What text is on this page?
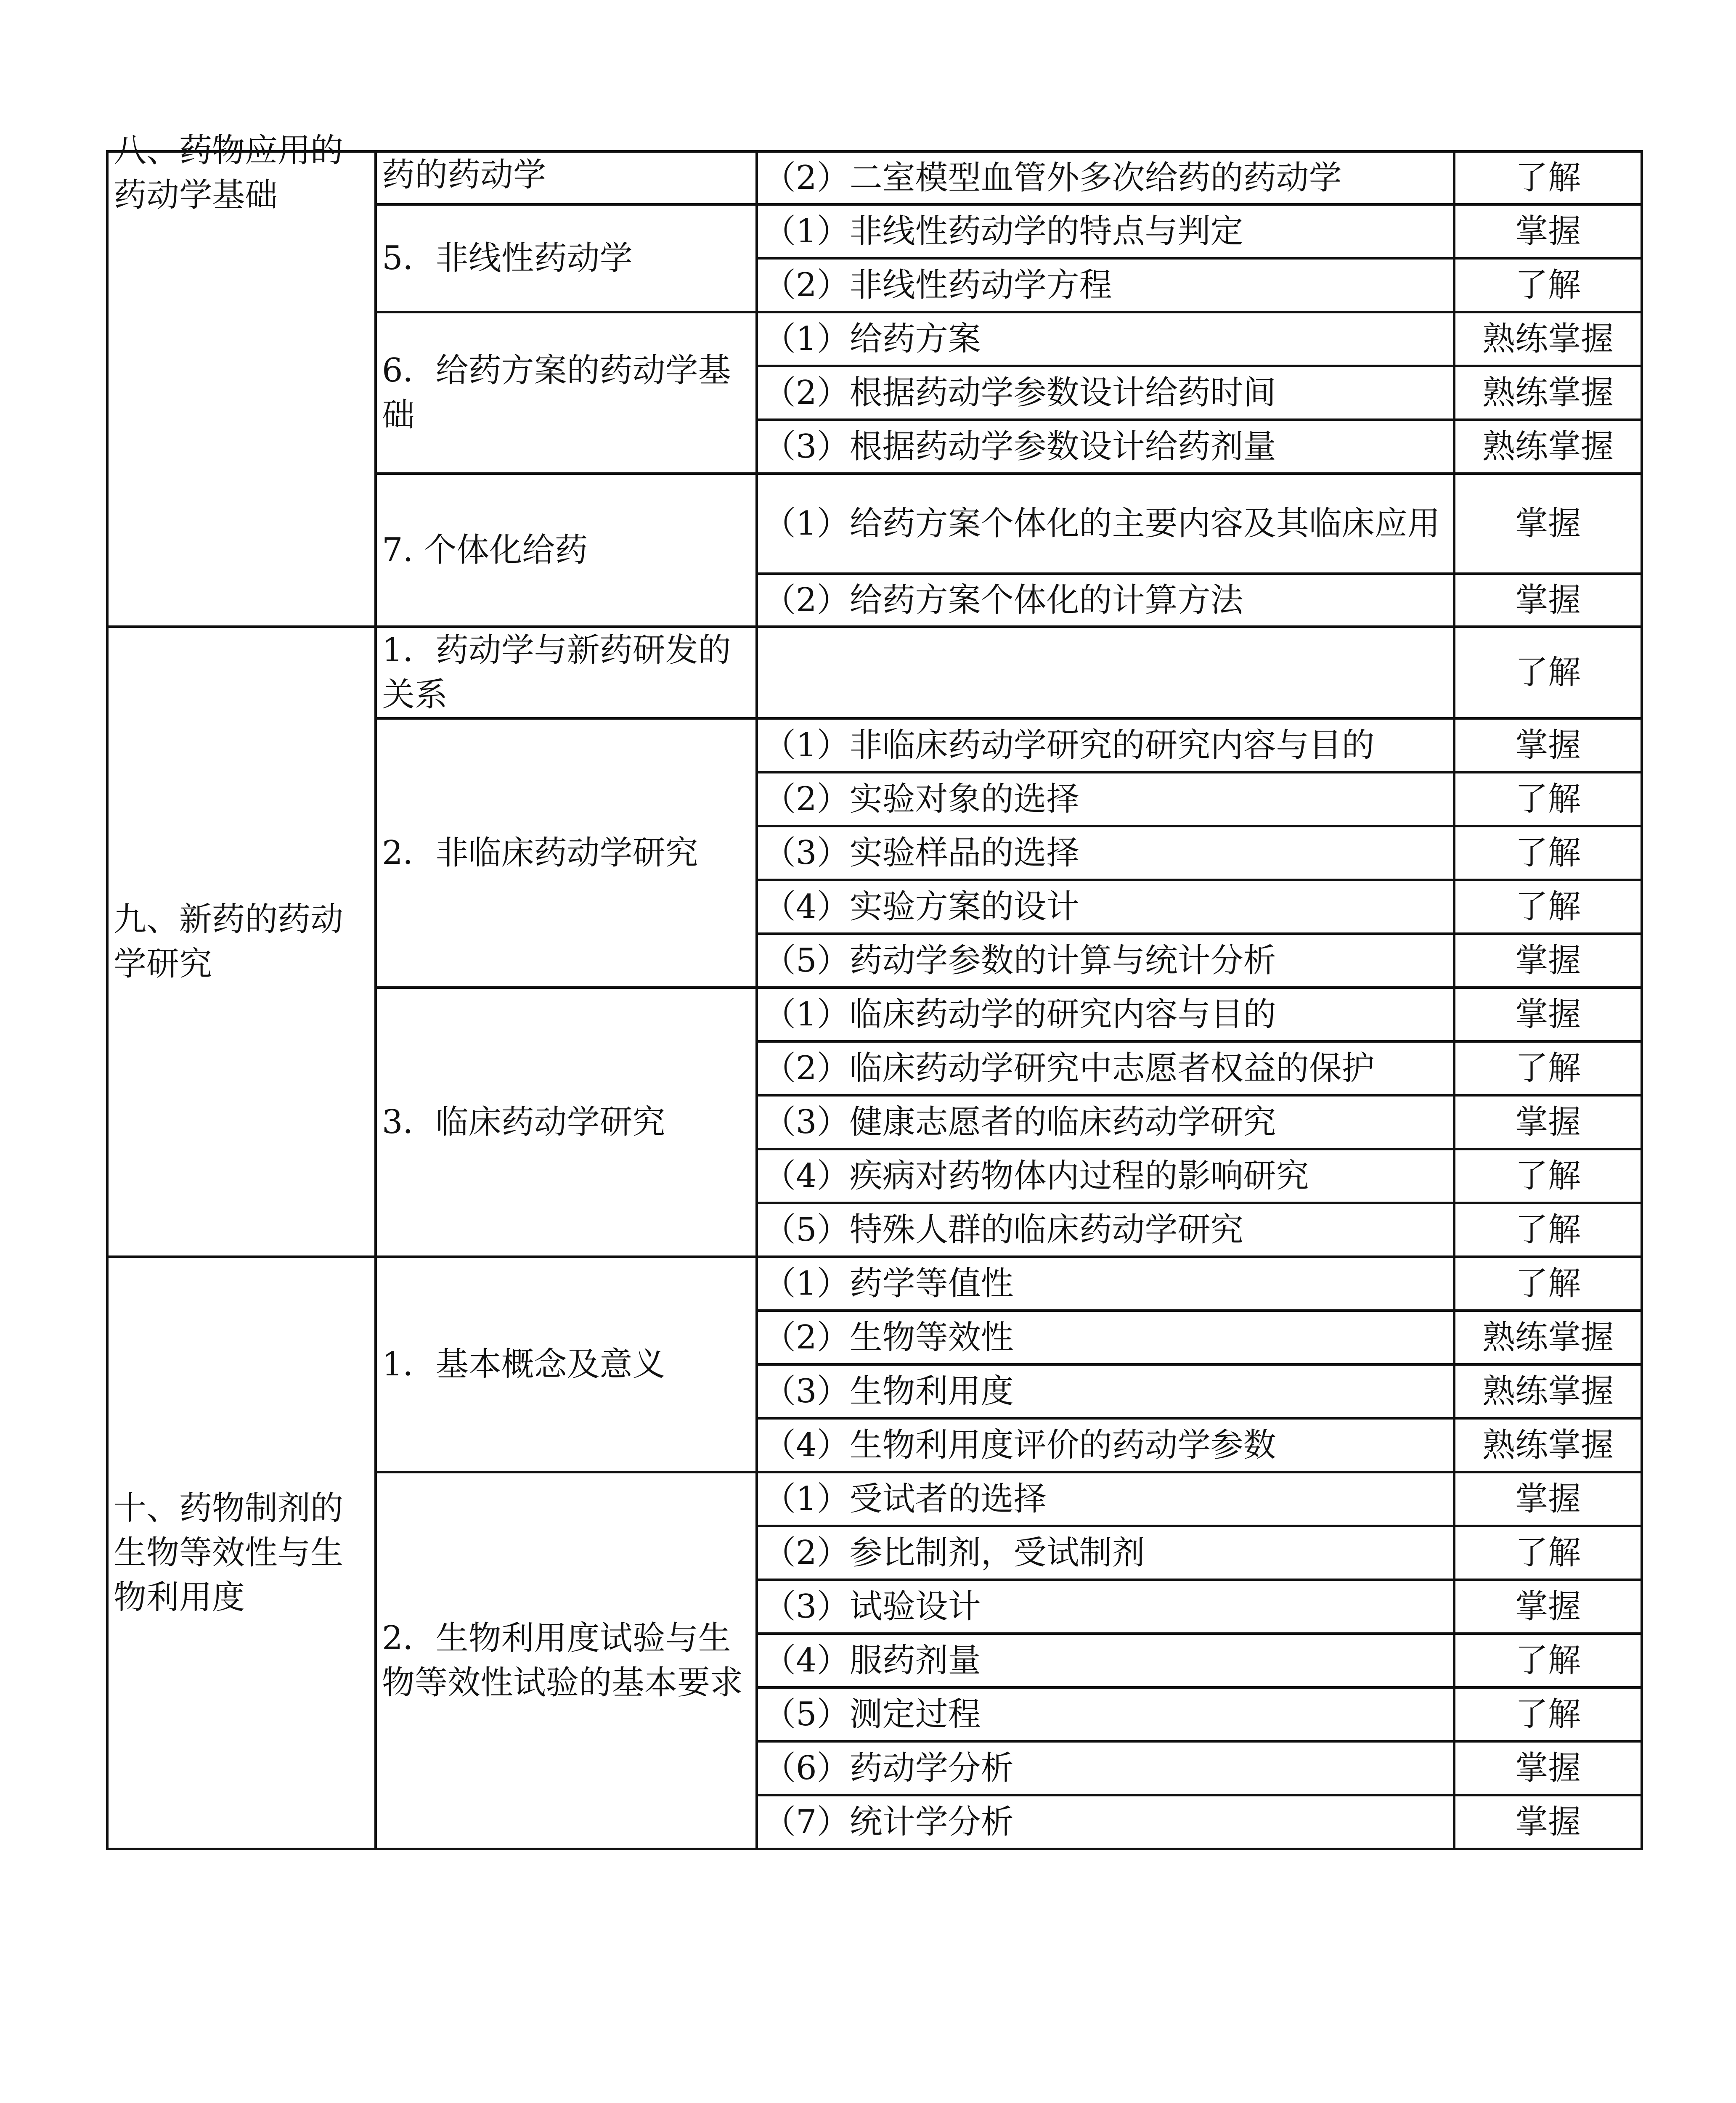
八、药物应用的药动学基础	药的药动学	（2）二室模型血管外多次给药的药动学	了解
	5．非线性药动学	（1）非线性药动学的特点与判定	掌握
		（2）非线性药动学方程	了解
	6．给药方案的药动学基础	（1）给药方案	熟练掌握
		（2）根据药动学参数设计给药时间	熟练掌握
		（3）根据药动学参数设计给药剂量	熟练掌握
	7. 个体化给药	（1）给药方案个体化的主要内容及其临床应用	掌握
		（2）给药方案个体化的计算方法	掌握
九、新药的药动学研究	1．药动学与新药研发的关系		了解
	2．非临床药动学研究	（1）非临床药动学研究的研究内容与目的	掌握
		（2）实验对象的选择	了解
		（3）实验样品的选择	了解
		（4）实验方案的设计	了解
		（5）药动学参数的计算与统计分析	掌握
	3．临床药动学研究	（1）临床药动学的研究内容与目的	掌握
		（2）临床药动学研究中志愿者权益的保护	了解
		（3）健康志愿者的临床药动学研究	掌握
		（4）疾病对药物体内过程的影响研究	了解
		（5）特殊人群的临床药动学研究	了解
十、药物制剂的生物等效性与生物利用度	1．基本概念及意义	（1）药学等值性	了解
		（2）生物等效性	熟练掌握
		（3）生物利用度	熟练掌握
		（4）生物利用度评价的药动学参数	熟练掌握
	2．生物利用度试验与生物等效性试验的基本要求	（1）受试者的选择	掌握
		（2）参比制剂，受试制剂	了解
		（3）试验设计	掌握
		（4）服药剂量	了解
		（5）测定过程	了解
		（6）药动学分析	掌握
		（7）统计学分析	掌握
